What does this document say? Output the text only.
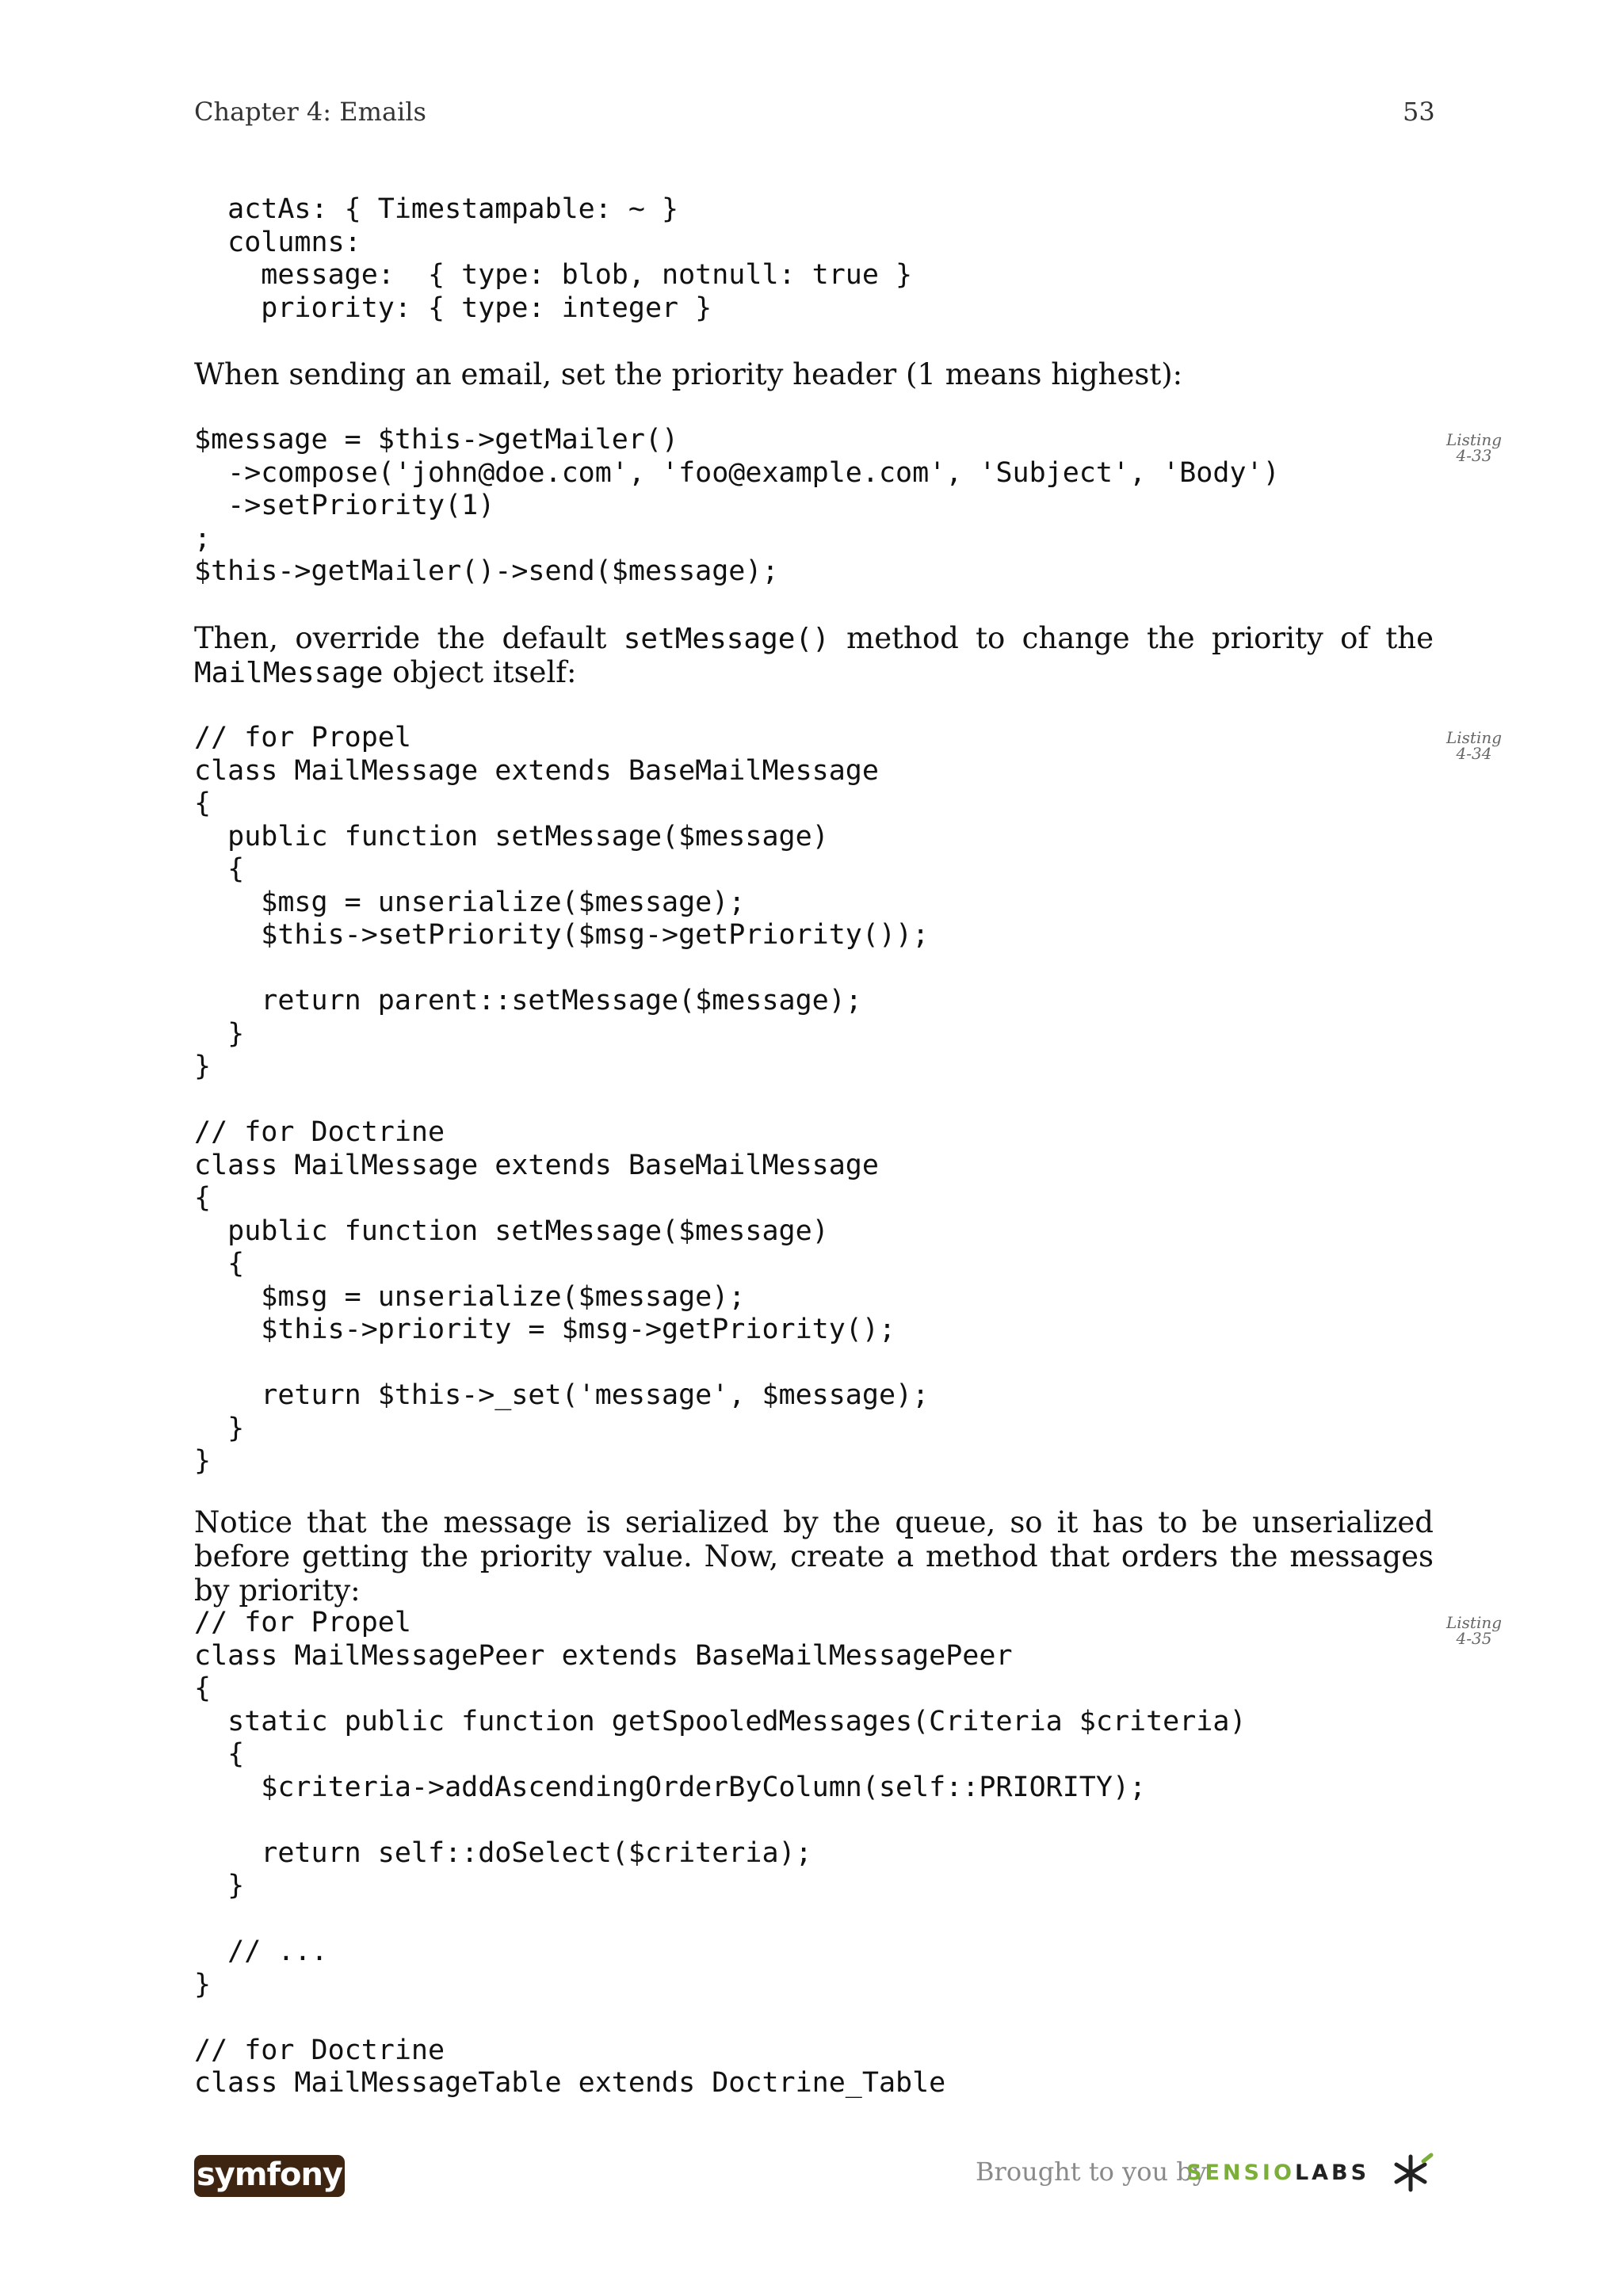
Chapter 4: Emails	53
actAs: { Timestampable: ~ }
columns:
message:  { type: blob, notnull: true }
priority: { type: integer }

When sending an email, set the priority header (1 means highest):

Listing
4-33
$message = $this->getMailer()
->compose('john@doe.com', 'foo@example.com', 'Subject', 'Body')
->setPriority(1)
;
$this->getMailer()->send($message);

Then, override the default setMessage() method to change the priority of the

MailMessage object itself:

Listing
4-34
// for Propel
class MailMessage extends BaseMailMessage
{
public function setMessage($message)
{
$msg = unserialize($message);
$this->setPriority($msg->getPriority());

return parent::setMessage($message);
}
}

// for Doctrine
class MailMessage extends BaseMailMessage
{
public function setMessage($message)
{
$msg = unserialize($message);
$this->priority = $msg->getPriority();

return $this->_set('message', $message);
}
}

Notice that the message is serialized by the queue, so it has to be unserialized before getting the priority value. Now, create a method that orders the messages by priority:

Listing
4-35
// for Propel
class MailMessagePeer extends BaseMailMessagePeer
{
static public function getSpooledMessages(Criteria $criteria)
{
$criteria->addAscendingOrderByColumn(self::PRIORITY);

return self::doSelect($criteria);
}

// ...
}

// for Doctrine
class MailMessageTable extends Doctrine_Table
symfony	Brought to you by
SENSIOLABS
